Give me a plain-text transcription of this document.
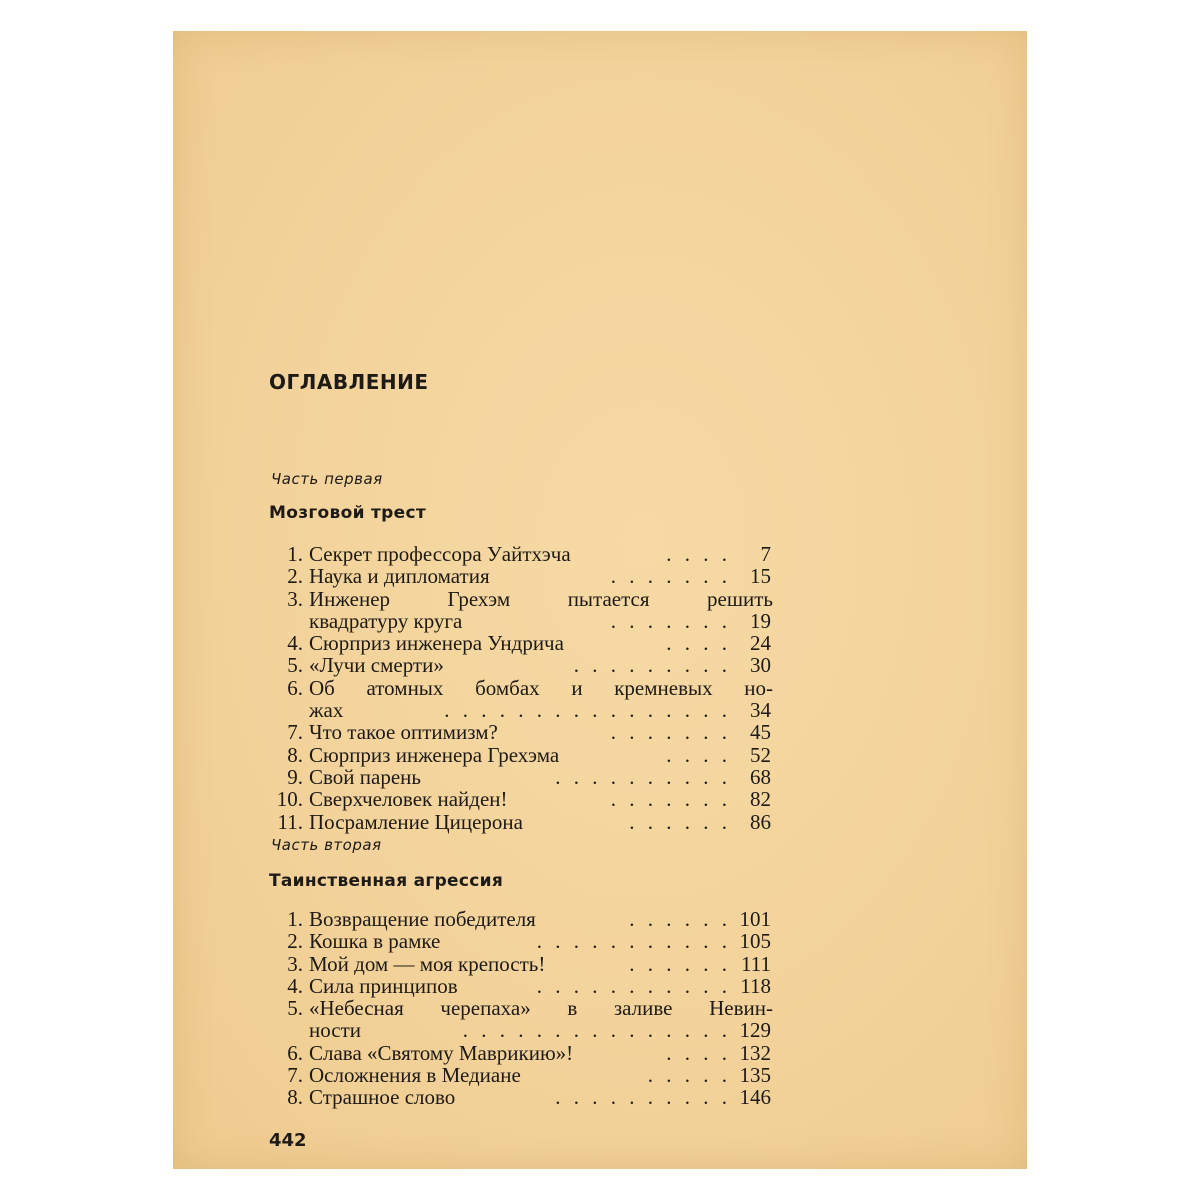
ОГЛАВЛЕНИЕ
Часть первая
Мозговой трест
1. Секрет профессора Уайтхэча	. . . . 7
2. Наука и дипломатия	. . . . . . . 15
3. Инженер Грехэм пытается решить
квадратуру круга	. . . . . . . 19
4. Сюрприз инженера Ундрича	. . . . 24
5. «Лучи смерти»	. . . . . . . . . 30
6. Об атомных бомбах и кремневых но-
жах	. . . . . . . . . . . . . . . . 34
7. Что такое оптимизм?	. . . . . . . 45
8. Сюрприз инженера Грехэма	. . . . 52
9. Свой парень	. . . . . . . . . . 68
10. Сверхчеловек найден!	. . . . . . . 82
11. Посрамление Цицерона	. . . . . . 86
Часть вторая
Таинственная агрессия
1. Возвращение победителя	. . . . . . 101
2. Кошка в рамке	. . . . . . . . . . . 105
3. Мой дом — моя крепость!	. . . . . . 111
4. Сила принципов	. . . . . . . . . . . 118
5. «Небесная черепаха» в заливе Невин-
ности	. . . . . . . . . . . . . . . 129
6. Слава «Святому Маврикию»!	. . . . 132
7. Осложнения в Медиане	. . . . . 135
8. Страшное слово	. . . . . . . . . . 146
442
